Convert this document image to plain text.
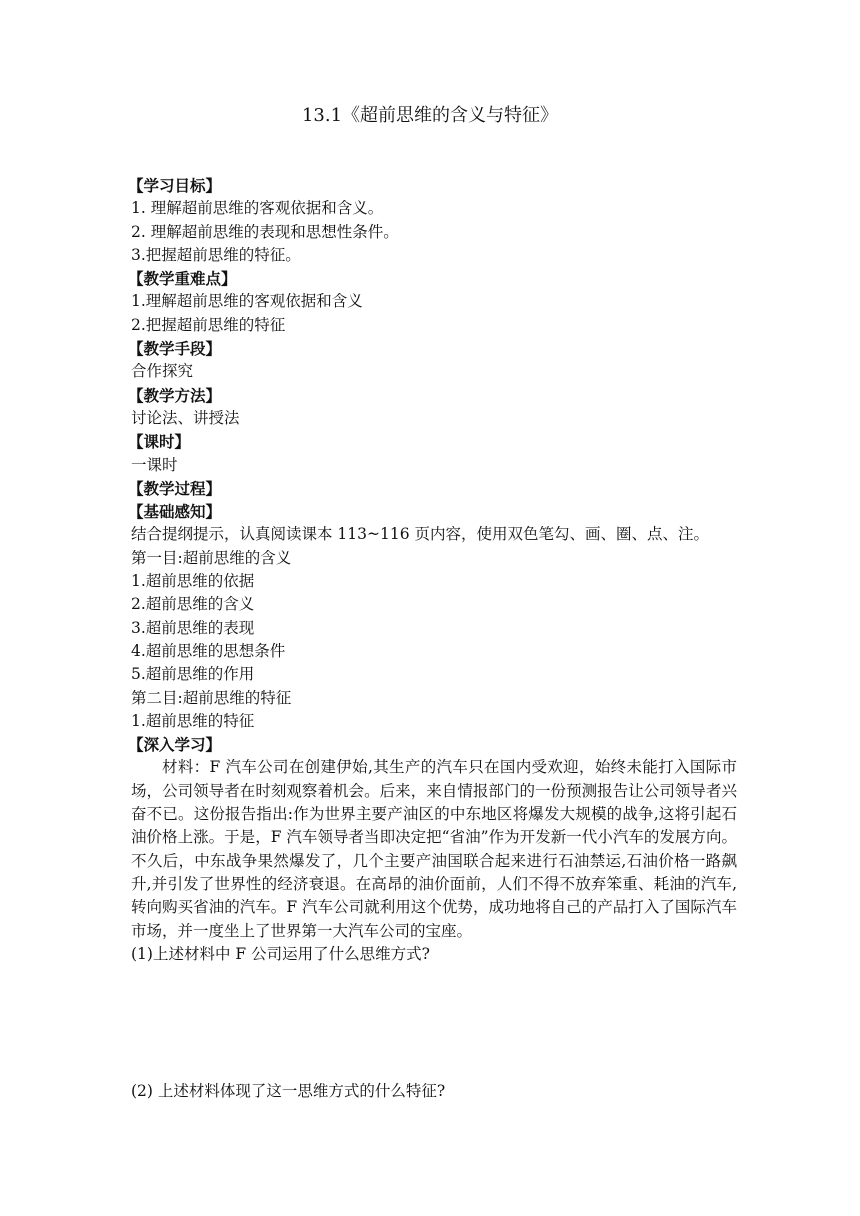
13.1《超前思维的含义与特征》
【学习目标】
1. 理解超前思维的客观依据和含义。
2. 理解超前思维的表现和思想性条件。
3.把握超前思维的特征。
【教学重难点】
1.理解超前思维的客观依据和含义
2.把握超前思维的特征
【教学手段】
合作探究
【教学方法】
讨论法、讲授法
【课时】
一课时
【教学过程】
【基础感知】
结合提纲提示，认真阅读课本 113~116 页内容，使用双色笔勾、画、圈、点、注。
第一目:超前思维的含义
1.超前思维的依据
2.超前思维的含义
3.超前思维的表现
4.超前思维的思想条件
5.超前思维的作用
第二目:超前思维的特征
1.超前思维的特征
【深入学习】

材料：F 汽车公司在创建伊始,其生产的汽车只在国内受欢迎，始终未能打入国际市场，公司领导者在时刻观察着机会。后来，来自情报部门的一份预测报告让公司领导者兴奋不已。这份报告指出:作为世界主要产油区的中东地区将爆发大规模的战争,这将引起石油价格上涨。于是，F 汽车领导者当即决定把“省油”作为开发新一代小汽车的发展方向。不久后，中东战争果然爆发了，几个主要产油国联合起来进行石油禁运,石油价格一路飙升,并引发了世界性的经济衰退。在高昂的油价面前，人们不得不放弃笨重、耗油的汽车,转向购买省油的汽车。F 汽车公司就利用这个优势，成功地将自己的产品打入了国际汽车市场，并一度坐上了世界第一大汽车公司的宝座。

(1)上述材料中 F 公司运用了什么思维方式?
(2) 上述材料体现了这一思维方式的什么特征?
